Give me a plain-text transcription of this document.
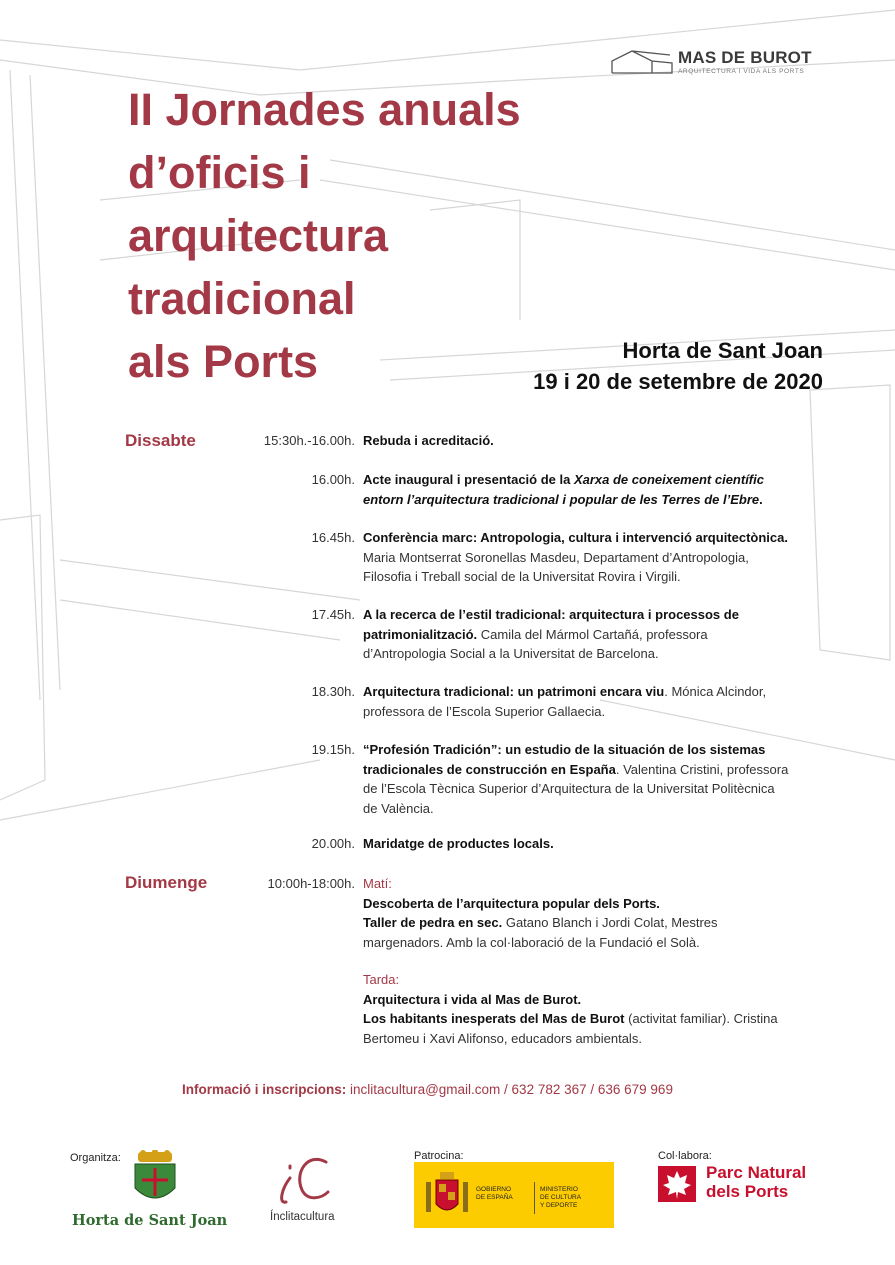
MAS DE BUROT
ARQUITECTURA I VIDA ALS PORTS
II Jornades anuals
d’oficis i
arquitectura
tradicional
als Ports	Horta de Sant Joan
19 i 20 de setembre de 2020
Dissabte	15:30h.-16.00h. Rebuda i acreditació.
16.00h. Acte inaugural i presentació de la Xarxa de coneixement científic
entorn l’arquitectura tradicional i popular de les Terres de l’Ebre.
16.45h. Conferència marc: Antropologia, cultura i intervenció arquitectònica.
Maria Montserrat Soronellas Masdeu, Departament d’Antropologia,
Filosofia i Treball social de la Universitat Rovira i Virgili.
17.45h. A la recerca de l’estil tradicional: arquitectura i processos de
patrimonialització. Camila del Mármol Cartañá, professora
d’Antropologia Social a la Universitat de Barcelona.
18.30h. Arquitectura tradicional: un patrimoni encara viu. Mónica Alcindor,
professora de l’Escola Superior Gallaecia.
19.15h. “Profesión Tradición”: un estudio de la situación de los sistemas
tradicionales de construcción en España. Valentina Cristini, professora
de l’Escola Tècnica Superior d’Arquitectura de la Universitat Politècnica
de València.
20.00h. Maridatge de productes locals.
Diumenge	10:00h-18:00h. Matí:
Descoberta de l’arquitectura popular dels Ports.
Taller de pedra en sec. Gatano Blanch i Jordi Colat, Mestres
margenadors. Amb la col·laboració de la Fundació el Solà.
Tarda:
Arquitectura i vida al Mas de Burot.
Los habitants inesperats del Mas de Burot (activitat familiar). Cristina
Bertomeu i Xavi Alifonso, educadors ambientals.
Informació i inscripcions: inclitacultura@gmail.com / 632 782 367 / 636 679 969
Organitza:
Horta de Sant Joan	Ínclitacultura
Patrocina:
GOBIERNO
DE ESPAÑA
MINISTERIO
DE CULTURA
Y DEPORTE
Col·labora:
Parc Natural
dels Ports
